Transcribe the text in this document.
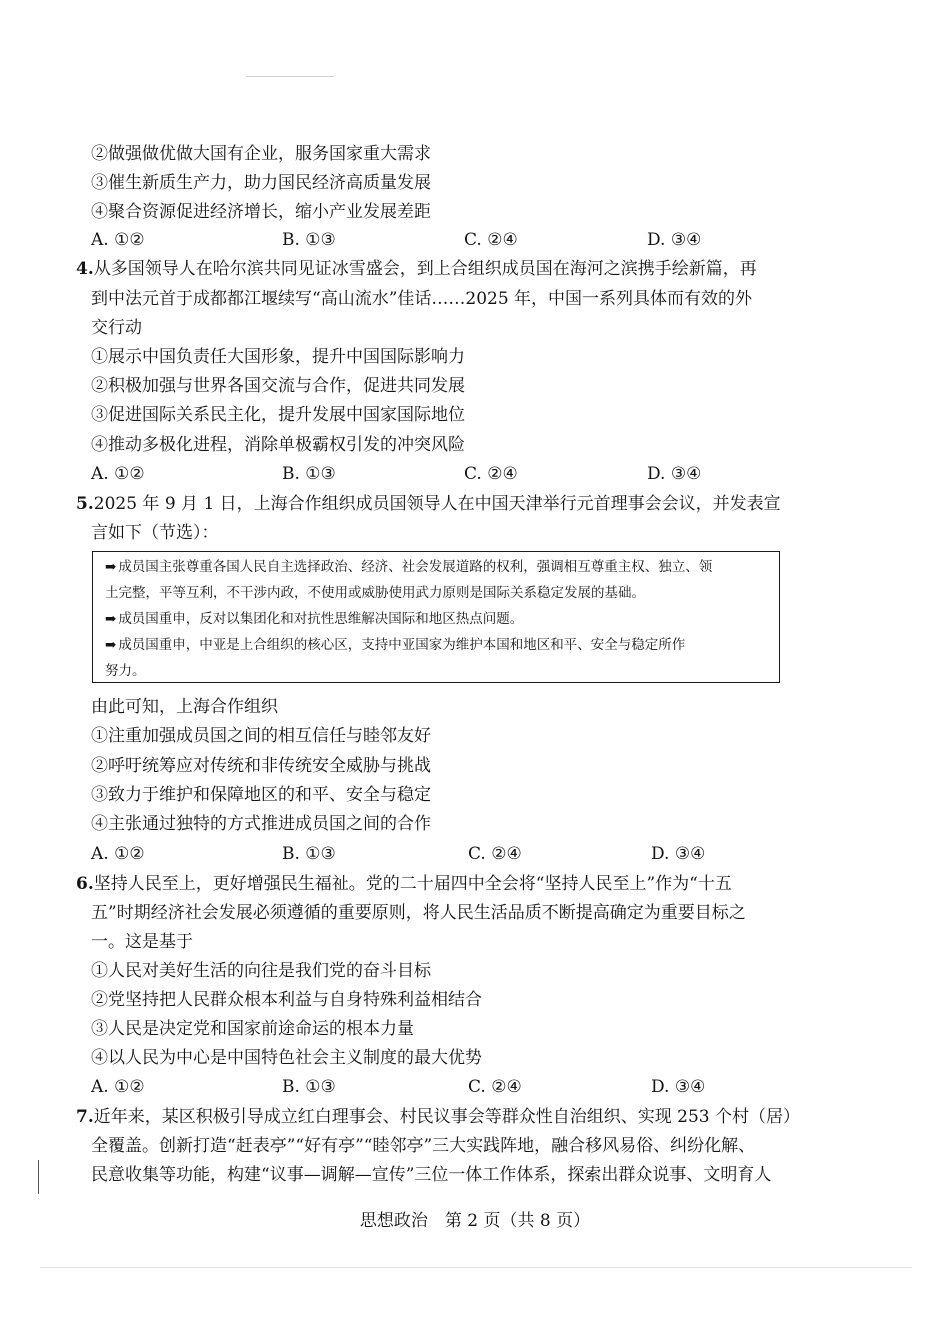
②做强做优做大国有企业，服务国家重大需求
③催生新质生产力，助力国民经济高质量发展
④聚合资源促进经济增长，缩小产业发展差距
A. ①②	B. ①③	C. ②④	D. ③④
4.从多国领导人在哈尔滨共同见证冰雪盛会，到上合组织成员国在海河之滨携手绘新篇，再
到中法元首于成都都江堰续写“高山流水”佳话……2025 年，中国一系列具体而有效的外
交行动
①展示中国负责任大国形象，提升中国国际影响力
②积极加强与世界各国交流与合作，促进共同发展
③促进国际关系民主化，提升发展中国家国际地位
④推动多极化进程，消除单极霸权引发的冲突风险
A. ①②	B. ①③	C. ②④	D. ③④
5.2025 年 9 月 1 日，上海合作组织成员国领导人在中国天津举行元首理事会会议，并发表宣
言如下（节选）：

➡ 成员国主张尊重各国人民自主选择政治、经济、社会发展道路的权利，强调相互尊重主权、独立、领

土完整，平等互利，不干涉内政，不使用或威胁使用武力原则是国际关系稳定发展的基础。

➡ 成员国重申，反对以集团化和对抗性思维解决国际和地区热点问题。

➡ 成员国重申，中亚是上合组织的核心区，支持中亚国家为维护本国和地区和平、安全与稳定所作

努力。

由此可知，上海合作组织
①注重加强成员国之间的相互信任与睦邻友好
②呼吁统筹应对传统和非传统安全威胁与挑战
③致力于维护和保障地区的和平、安全与稳定
④主张通过独特的方式推进成员国之间的合作
A. ①②	B. ①③	C. ②④	D. ③④
6.坚持人民至上，更好增强民生福祉。党的二十届四中全会将“坚持人民至上”作为“十五
五”时期经济社会发展必须遵循的重要原则，将人民生活品质不断提高确定为重要目标之
一。这是基于
①人民对美好生活的向往是我们党的奋斗目标
②党坚持把人民群众根本利益与自身特殊利益相结合
③人民是决定党和国家前途命运的根本力量
④以人民为中心是中国特色社会主义制度的最大优势
A. ①②	B. ①③	C. ②④	D. ③④
7.近年来，某区积极引导成立红白理事会、村民议事会等群众性自治组织、实现 253 个村（居）
全覆盖。创新打造“赶表亭”“好有亭”“睦邻亭”三大实践阵地，融合移风易俗、纠纷化解、
民意收集等功能，构建“议事—调解—宣传”三位一体工作体系，探索出群众说事、文明育人
思想政治　第 2 页（共 8 页）
